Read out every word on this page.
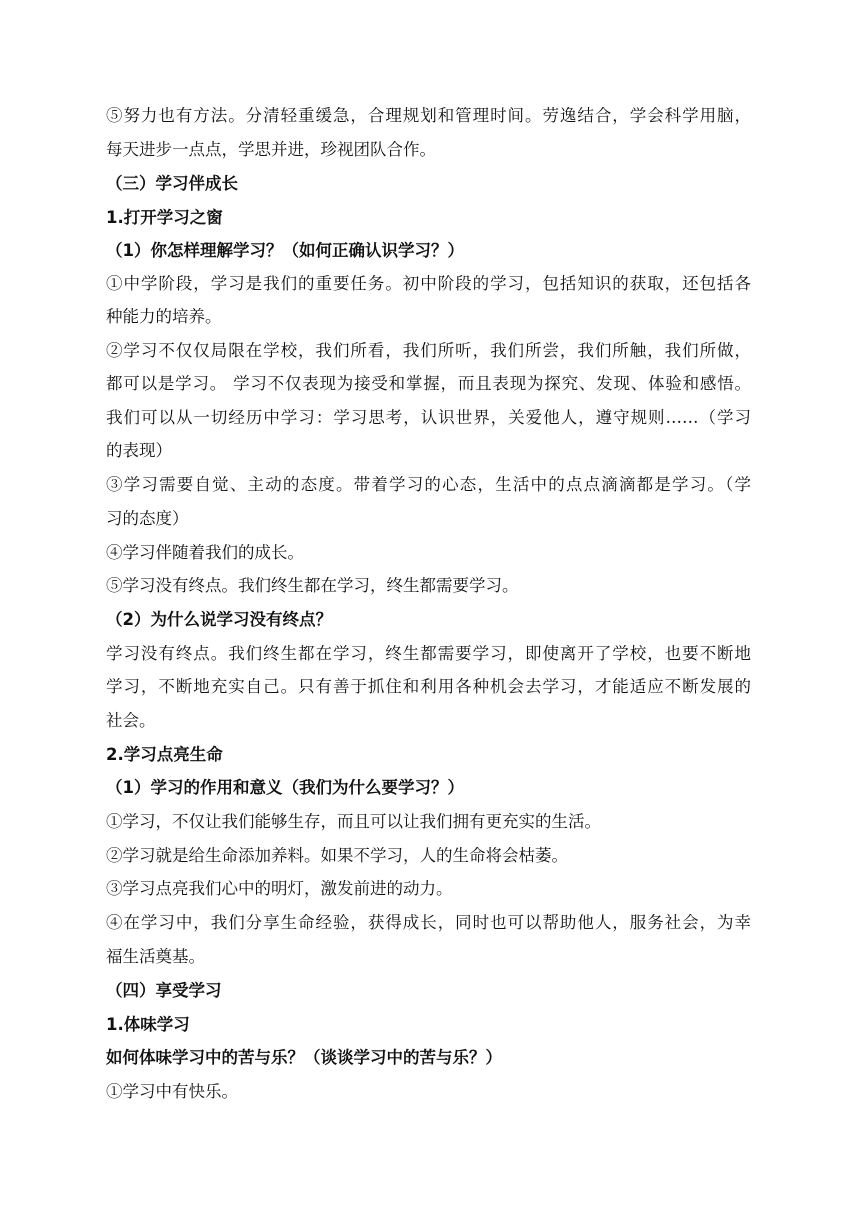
⑤努力也有方法。分清轻重缓急，合理规划和管理时间。劳逸结合，学会科学用脑，
每天进步一点点，学思并进，珍视团队合作。
（三）学习伴成长
1.打开学习之窗
（1）你怎样理解学习？（如何正确认识学习？）
①中学阶段，学习是我们的重要任务。初中阶段的学习，包括知识的获取，还包括各
种能力的培养。
②学习不仅仅局限在学校，我们所看，我们所听，我们所尝，我们所触，我们所做，
都可以是学习。 学习不仅表现为接受和掌握，而且表现为探究、发现、体验和感悟。
我们可以从一切经历中学习：学习思考，认识世界，关爱他人，遵守规则……（学习
的表现）
③学习需要自觉、主动的态度。带着学习的心态，生活中的点点滴滴都是学习。（学
习的态度）
④学习伴随着我们的成长。
⑤学习没有终点。我们终生都在学习，终生都需要学习。
（2）为什么说学习没有终点？
学习没有终点。我们终生都在学习，终生都需要学习，即使离开了学校，也要不断地
学习，不断地充实自己。只有善于抓住和利用各种机会去学习，才能适应不断发展的
社会。
2.学习点亮生命
（1）学习的作用和意义（我们为什么要学习？）
①学习，不仅让我们能够生存，而且可以让我们拥有更充实的生活。
②学习就是给生命添加养料。如果不学习，人的生命将会枯萎。
③学习点亮我们心中的明灯，激发前进的动力。
④在学习中，我们分享生命经验，获得成长，同时也可以帮助他人，服务社会，为幸
福生活奠基。
（四）享受学习
1.体味学习
如何体味学习中的苦与乐？（谈谈学习中的苦与乐？）
①学习中有快乐。
